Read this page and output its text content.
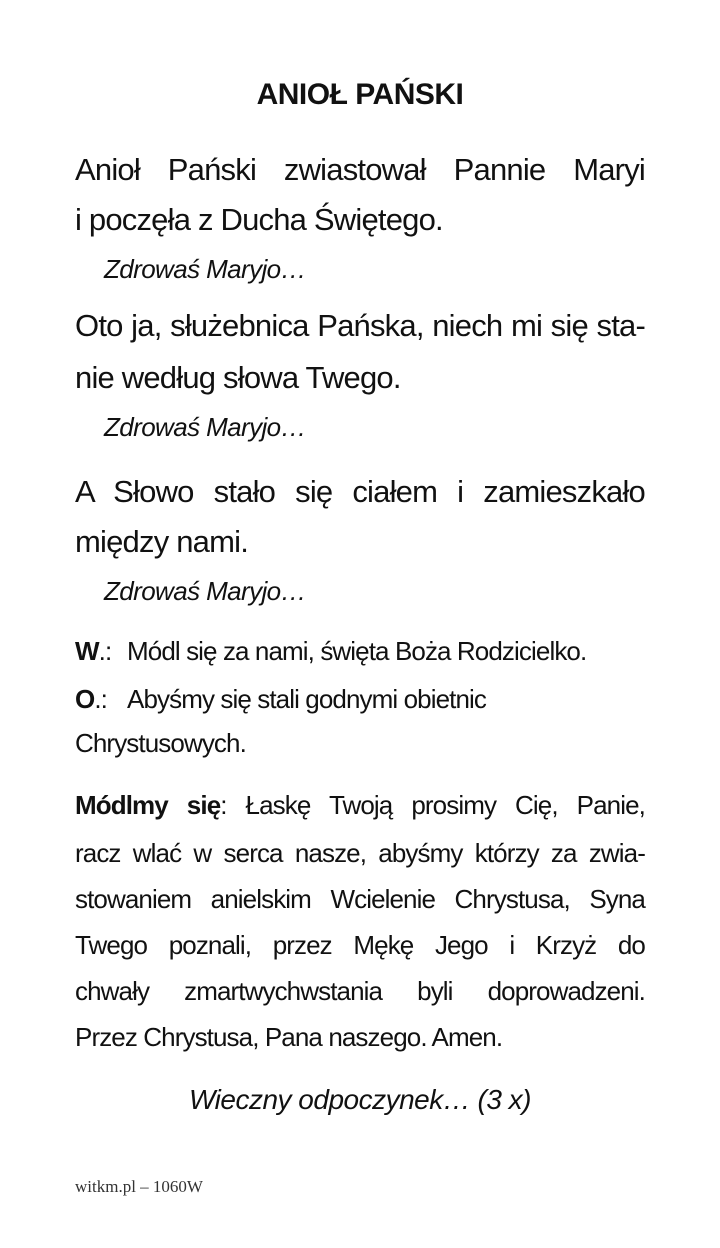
ANIOŁ PAŃSKI
Anioł Pański zwiastował Pannie Maryi
i poczęła z Ducha Świętego.
Zdrowaś Maryjo…
Oto ja, służebnica Pańska, niech mi się sta-
nie według słowa Twego.
Zdrowaś Maryjo…
A Słowo stało się ciałem i zamieszkało
między nami.
Zdrowaś Maryjo…
W.: Módl się za nami, święta Boża Rodzicielko.
O.: Abyśmy się stali godnymi obietnic
Chrystusowych.
Módlmy się: Łaskę Twoją prosimy Cię, Panie,
racz wlać w serca nasze, abyśmy którzy za zwia-
stowaniem anielskim Wcielenie Chrystusa, Syna
Twego poznali, przez Mękę Jego i Krzyż do
chwały zmartwychwstania byli doprowadzeni.
Przez Chrystusa, Pana naszego. Amen.
Wieczny odpoczynek… (3 x)
witkm.pl – 1060W
